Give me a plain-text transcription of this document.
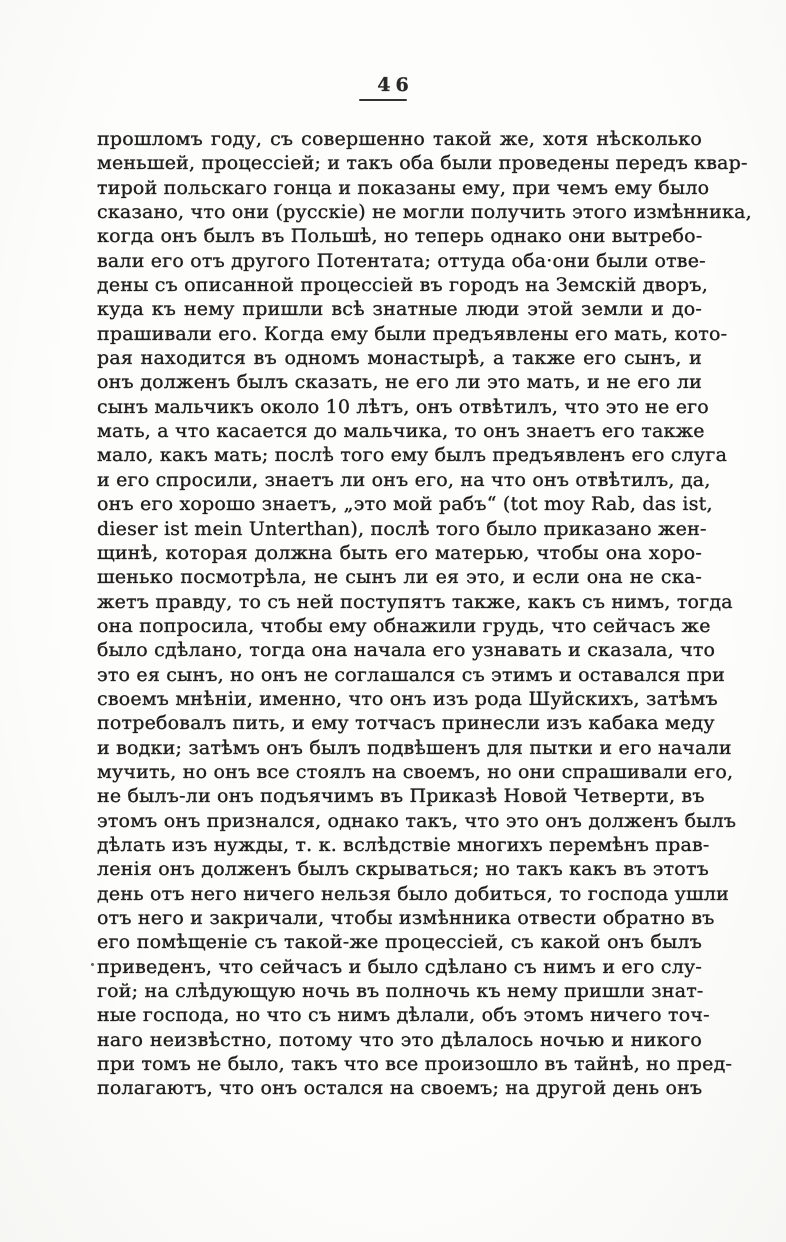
46
прошломъ году, съ совершенно такой же, хотя нѣсколько
меньшей, процессіей; и такъ оба были проведены передъ квар-
тирой польскаго гонца и показаны ему, при чемъ ему было
сказано, что они (русскіе) не могли получить этого измѣнника,
когда онъ былъ въ Польшѣ, но теперь однако они вытребо-
вали его отъ другого Потентата; оттуда оба·они были отве-
дены съ описанной процессіей въ городъ на Земскій дворъ,
куда къ нему пришли всѣ знатные люди этой земли и до-
прашивали его. Когда ему были предъявлены его мать, кото-
рая находится въ одномъ монастырѣ, а также его сынъ, и
онъ долженъ былъ сказать, не его ли это мать, и не его ли
сынъ мальчикъ около 10 лѣтъ, онъ отвѣтилъ, что это не его
мать, а что касается до мальчика, то онъ знаетъ его также
мало, какъ мать; послѣ того ему былъ предъявленъ его слуга
и его спросили, знаетъ ли онъ его, на что онъ отвѣтилъ, да,
онъ его хорошо знаетъ, „это мой рабъ“ (tot moy Rab, das ist,
dieser ist mein Unterthan), послѣ того было приказано жен-
щинѣ, которая должна быть его матерью, чтобы она хоро-
шенько посмотрѣла, не сынъ ли ея это, и если она не ска-
жетъ правду, то съ ней поступятъ также, какъ съ нимъ, тогда
она попросила, чтобы ему обнажили грудь, что сейчасъ же
было сдѣлано, тогда она начала его узнавать и сказала, что
это ея сынъ, но онъ не соглашался съ этимъ и оставался при
своемъ мнѣніи, именно, что онъ изъ рода Шуйскихъ, затѣмъ
потребовалъ пить, и ему тотчасъ принесли изъ кабака меду
и водки; затѣмъ онъ былъ подвѣшенъ для пытки и его начали
мучить, но онъ все стоялъ на своемъ, но они спрашивали его,
не былъ-ли онъ подъячимъ въ Приказѣ Новой Четверти, въ
этомъ онъ признался, однако такъ, что это онъ долженъ былъ
дѣлать изъ нужды, т. к. вслѣдствіе многихъ перемѣнъ прав-
ленія онъ долженъ былъ скрываться; но такъ какъ въ этотъ
день отъ него ничего нельзя было добиться, то господа ушли
отъ него и закричали, чтобы измѣнника отвести обратно въ
его помѣщеніе съ такой-же процессіей, съ какой онъ былъ
приведенъ, что сейчасъ и было сдѣлано съ нимъ и его слу-
гой; на слѣдующую ночь въ полночь къ нему пришли знат-
ные господа, но что съ нимъ дѣлали, объ этомъ ничего точ-
наго неизвѣстно, потому что это дѣлалось ночью и никого
при томъ не было, такъ что все произошло въ тайнѣ, но пред-
полагаютъ, что онъ остался на своемъ; на другой день онъ
